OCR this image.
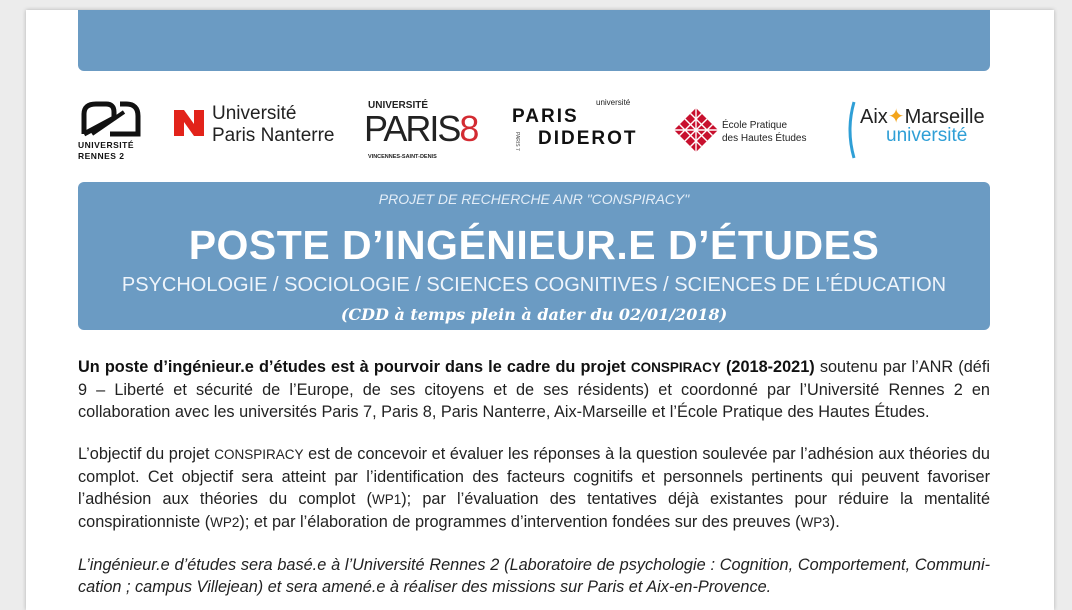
UNIVERSITÉ
RENNES 2
Université
Paris Nanterre
UNIVERSITÉ
PARIS8
VINCENNES-SAINT-DENIS
université
PARIS
PARIS 7 DIDEROT
École Pratique
des Hautes Études
Aix✦Marseille
université
PROJET DE RECHERCHE ANR "CONSPIRACY"
POSTE D’INGÉNIEUR.E D’ÉTUDES
PSYCHOLOGIE / SOCIOLOGIE / SCIENCES COGNITIVES / SCIENCES DE L’ÉDUCATION
(CDD à temps plein à dater du 02/01/2018)

Un poste d’ingénieur.e d’études est à pourvoir dans le cadre du projet CONSPIRACY (2018-2021) soutenu par l’ANR (défi 9 – Liberté et sécurité de l’Europe, de ses citoyens et de ses résidents) et coordonné par l’Université Rennes 2 en collaboration avec les universités Paris 7, Paris 8, Paris Nanterre, Aix-Marseille et l’École Pratique des Hautes Études.

L’objectif du projet CONSPIRACY est de concevoir et évaluer les réponses à la question soulevée par l’adhésion aux théories du complot. Cet objectif sera atteint par l’identification des facteurs cognitifs et personnels pertinents qui peuvent favoriser l’adhésion aux théories du complot (WP1); par l’évaluation des tentatives déjà existantes pour réduire la mentalité conspirationniste (WP2); et par l’élaboration de programmes d’intervention fondées sur des preuves (WP3).

L’ingénieur.e d’études sera basé.e à l’Université Rennes 2 (Laboratoire de psychologie : Cognition, Comportement, Communi-cation ; campus Villejean) et sera amené.e à réaliser des missions sur Paris et Aix-en-Provence.
